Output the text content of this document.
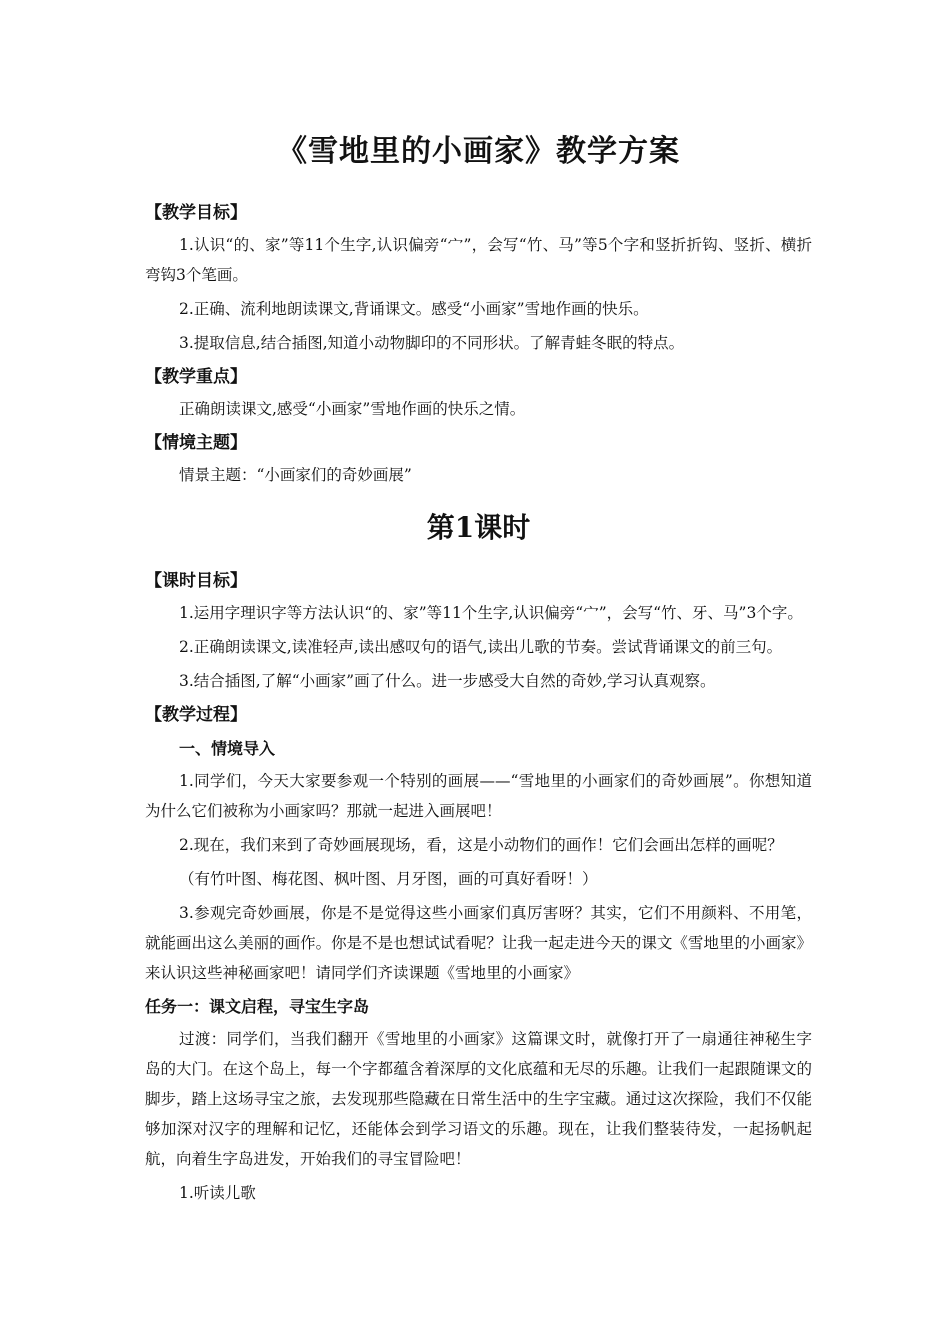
《雪地里的小画家》教学方案
【教学目标】

1.认识“的、家”等11个生字,认识偏旁“宀”，会写“竹、马”等5个字和竖折折钩、竖折、横折弯钩3个笔画。

2.正确、流利地朗读课文,背诵课文。感受“小画家”雪地作画的快乐。

3.提取信息,结合插图,知道小动物脚印的不同形状。了解青蛙冬眠的特点。

【教学重点】

正确朗读课文,感受“小画家”雪地作画的快乐之情。

【情境主题】

情景主题：“小画家们的奇妙画展”

第1课时
【课时目标】

1.运用字理识字等方法认识“的、家”等11个生字,认识偏旁“宀”，会写“竹、牙、马”3个字。

2.正确朗读课文,读准轻声,读出感叹句的语气,读出儿歌的节奏。尝试背诵课文的前三句。

3.结合插图,了解“小画家”画了什么。进一步感受大自然的奇妙,学习认真观察。

【教学过程】
一、情境导入

1.同学们，今天大家要参观一个特别的画展——“雪地里的小画家们的奇妙画展”。你想知道为什么它们被称为小画家吗？那就一起进入画展吧！

2.现在，我们来到了奇妙画展现场，看，这是小动物们的画作！它们会画出怎样的画呢？

（有竹叶图、梅花图、枫叶图、月牙图，画的可真好看呀！）

3.参观完奇妙画展，你是不是觉得这些小画家们真厉害呀？其实，它们不用颜料、不用笔，就能画出这么美丽的画作。你是不是也想试试看呢？让我一起走进今天的课文《雪地里的小画家》来认识这些神秘画家吧！请同学们齐读课题《雪地里的小画家》

任务一：课文启程，寻宝生字岛

过渡：同学们，当我们翻开《雪地里的小画家》这篇课文时，就像打开了一扇通往神秘生字岛的大门。在这个岛上，每一个字都蕴含着深厚的文化底蕴和无尽的乐趣。让我们一起跟随课文的脚步，踏上这场寻宝之旅，去发现那些隐藏在日常生活中的生字宝藏。通过这次探险，我们不仅能够加深对汉字的理解和记忆，还能体会到学习语文的乐趣。现在，让我们整装待发，一起扬帆起航，向着生字岛进发，开始我们的寻宝冒险吧！

1.听读儿歌
